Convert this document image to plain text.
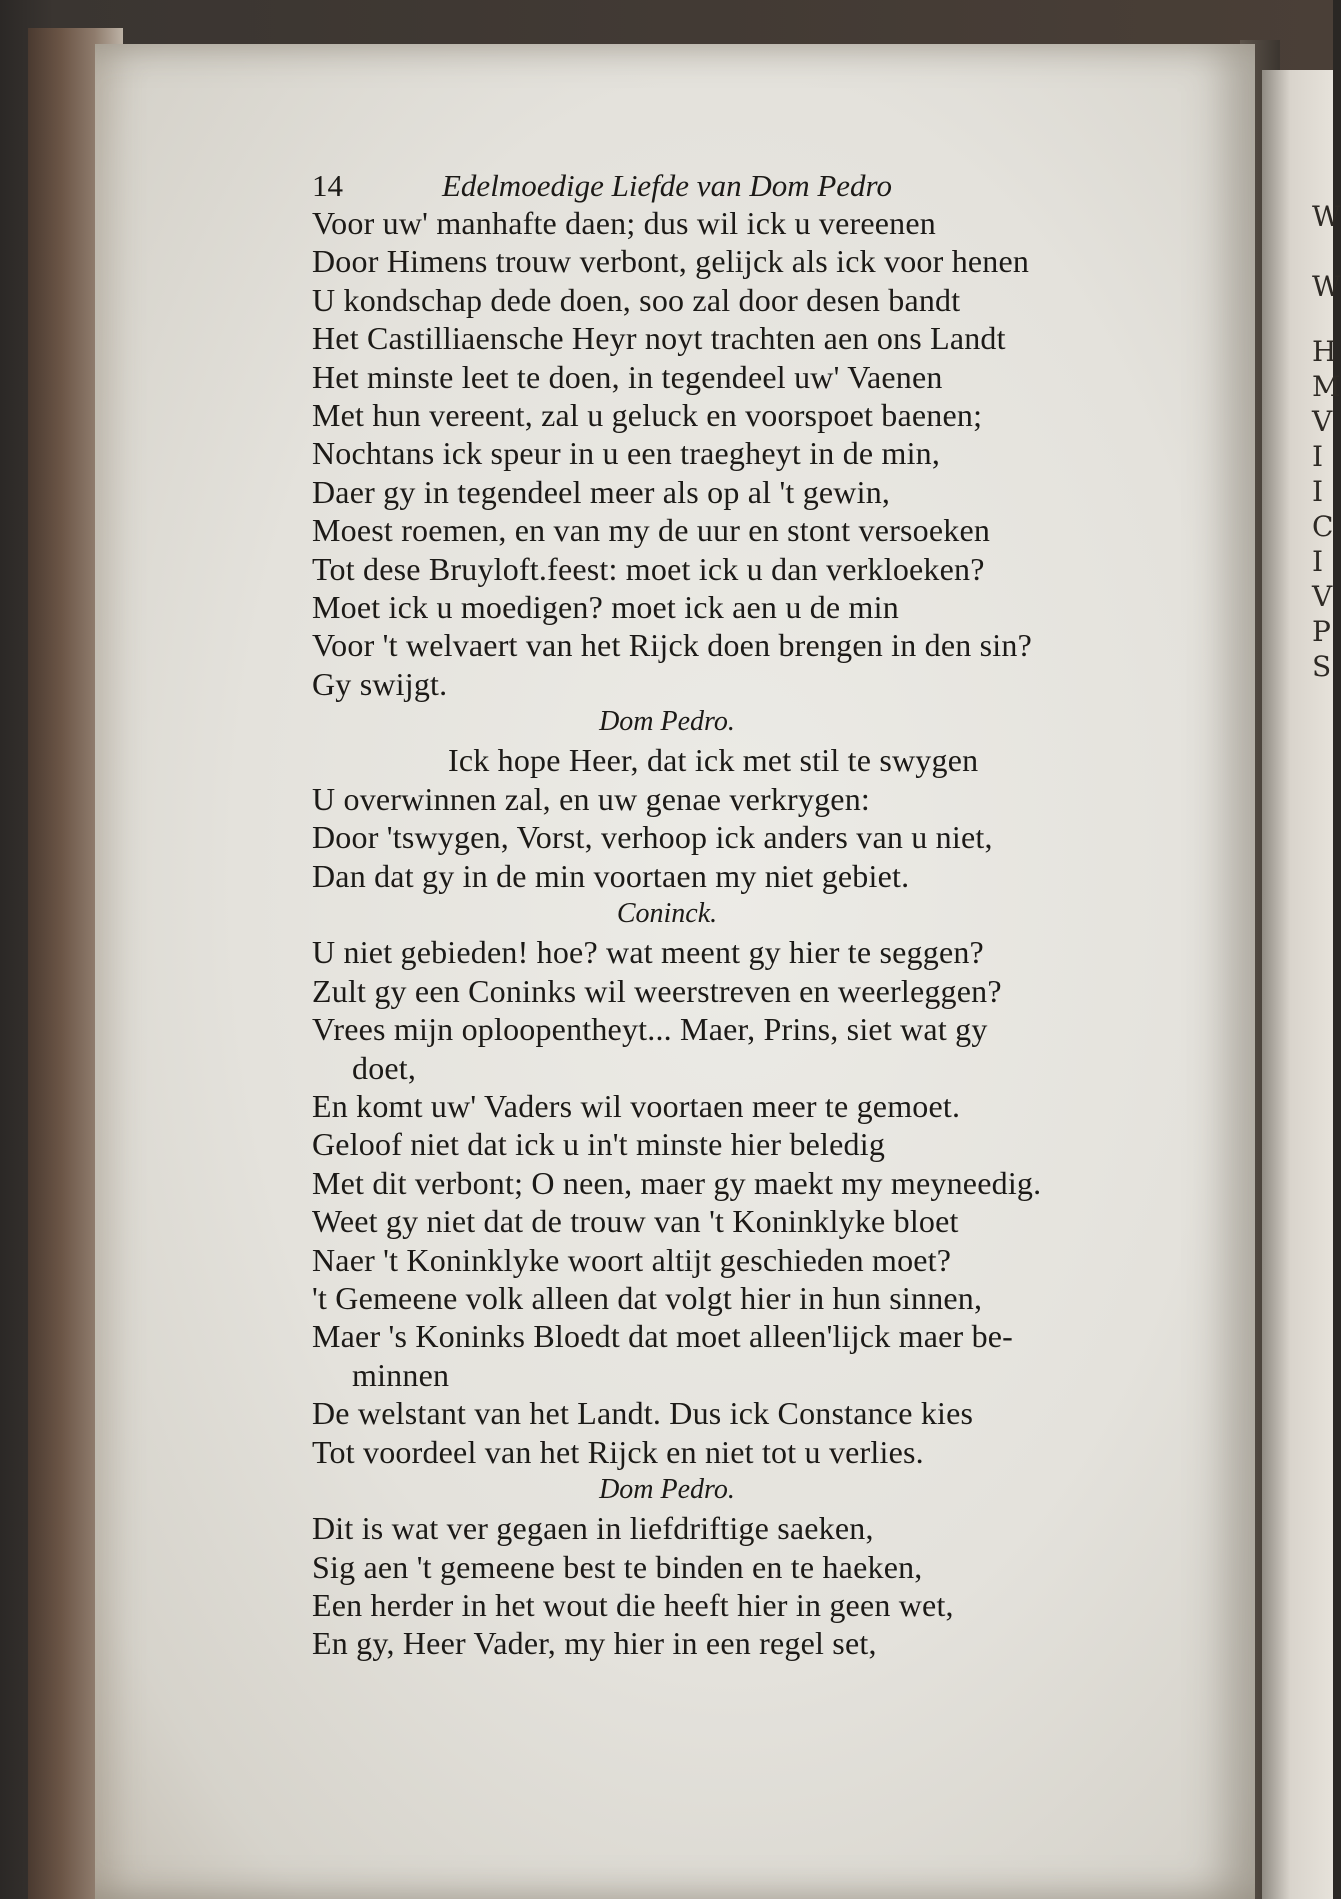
W
W
H
M
V
I
I
C
I
V
P
S
14	Edelmoedige Liefde van Dom Pedro
Voor uw' manhafte daen; dus wil ick u vereenen
Door Himens trouw verbont, gelijck als ick voor henen
U kondschap dede doen, soo zal door desen bandt
Het Castilliaensche Heyr noyt trachten aen ons Landt
Het minste leet te doen, in tegendeel uw' Vaenen
Met hun vereent, zal u geluck en voorspoet baenen;
Nochtans ick speur in u een traegheyt in de min,
Daer gy in tegendeel meer als op al 't gewin,
Moest roemen, en van my de uur en stont versoeken
Tot dese Bruyloft.feest: moet ick u dan verkloeken?
Moet ick u moedigen? moet ick aen u de min
Voor 't welvaert van het Rijck doen brengen in den sin?
Gy swijgt.
Dom Pedro.
Ick hope Heer, dat ick met stil te swygen
U overwinnen zal, en uw genae verkrygen:
Door 'tswygen, Vorst, verhoop ick anders van u niet,
Dan dat gy in de min voortaen my niet gebiet.
Coninck.
U niet gebieden! hoe? wat meent gy hier te seggen?
Zult gy een Coninks wil weerstreven en weerleggen?
Vrees mijn oploopentheyt... Maer, Prins, siet wat gy
doet,
En komt uw' Vaders wil voortaen meer te gemoet.
Geloof niet dat ick u in't minste hier beledig
Met dit verbont; O neen, maer gy maekt my meyneedig.
Weet gy niet dat de trouw van 't Koninklyke bloet
Naer 't Koninklyke woort altijt geschieden moet?
't Gemeene volk alleen dat volgt hier in hun sinnen,
Maer 's Koninks Bloedt dat moet alleen'lijck maer be-
minnen
De welstant van het Landt. Dus ick Constance kies
Tot voordeel van het Rijck en niet tot u verlies.
Dom Pedro.
Dit is wat ver gegaen in liefdriftige saeken,
Sig aen 't gemeene best te binden en te haeken,
Een herder in het wout die heeft hier in geen wet,
En gy, Heer Vader, my hier in een regel set,
